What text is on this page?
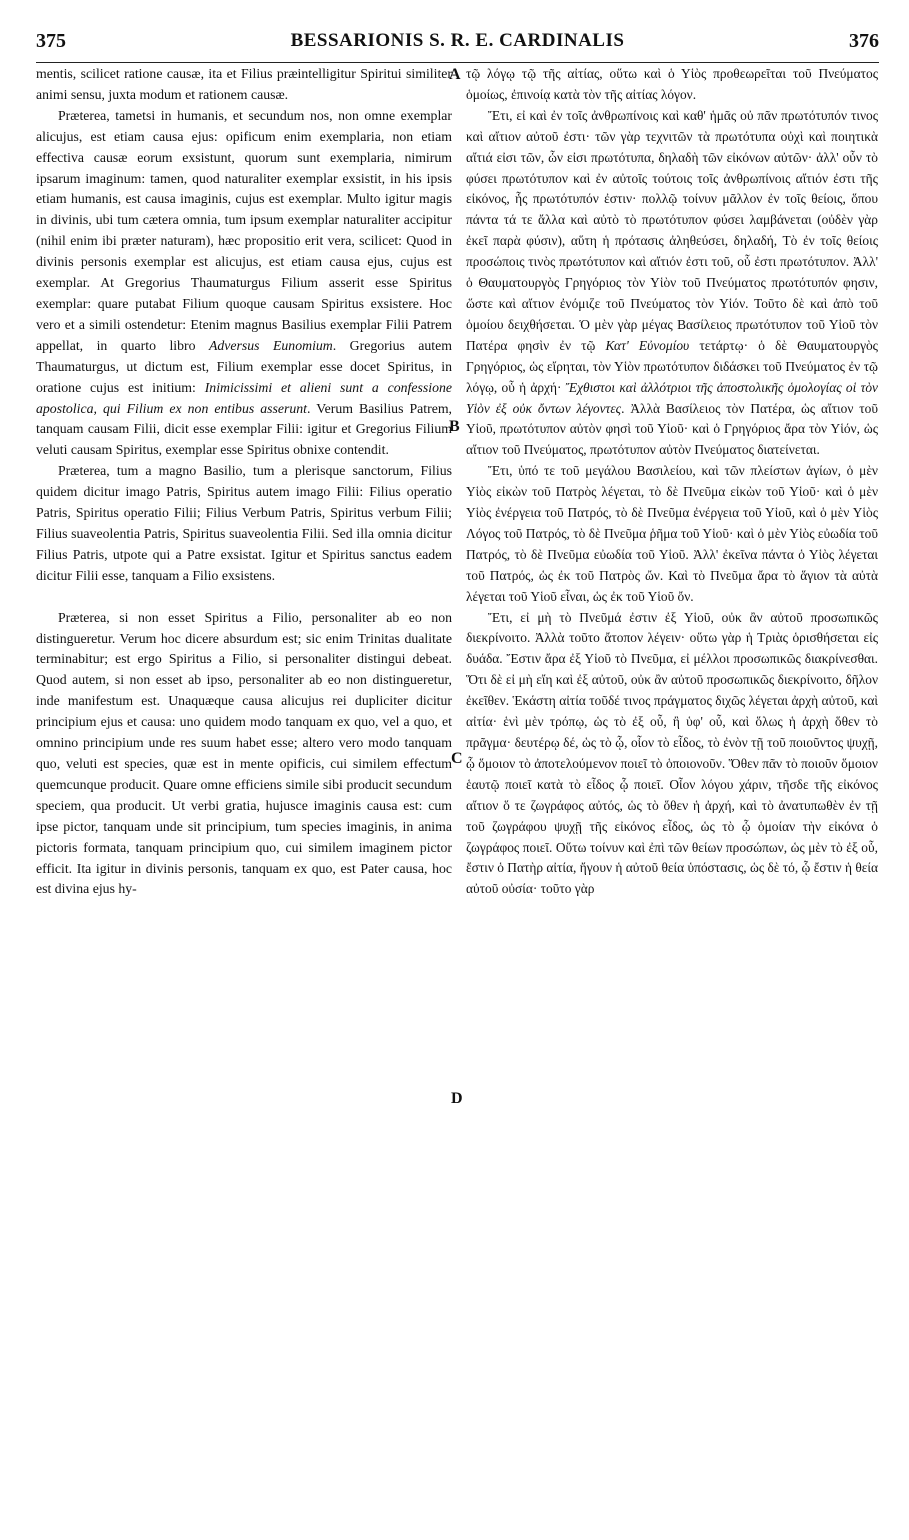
375	BESSARIONIS S. R. E. CARDINALIS	376

mentis, scilicet ratione causæ, ita et Filius præintelligitur Spiritui similiter animi sensu, juxta modum et rationem causæ.

Præterea, tametsi in humanis, et secundum nos, non omne exemplar alicujus, est etiam causa ejus: opificum enim exemplaria, non etiam effectiva causæ eorum exsistunt, quorum sunt exemplaria, nimirum ipsarum imaginum: tamen, quod naturaliter exemplar exsistit, in his ipsis etiam humanis, est causa imaginis, cujus est exemplar. Multo igitur magis in divinis, ubi tum cætera omnia, tum ipsum exemplar naturaliter accipitur (nihil enim ibi præter naturam), hæc propositio erit vera, scilicet: Quod in divinis personis exemplar est alicujus, est etiam causa ejus, cujus est exemplar. At Gregorius Thaumaturgus Filium asserit esse Spiritus exemplar: quare putabat Filium quoque causam Spiritus exsistere. Hoc vero et a simili ostendetur: Etenim magnus Basilius exemplar Filii Patrem appellat, in quarto libro Adversus Eunomium. Gregorius autem Thaumaturgus, ut dictum est, Filium exemplar esse docet Spiritus, in oratione cujus est initium: Inimicissimi et alieni sunt a confessione apostolica, qui Filium ex non entibus asserunt. Verum Basilius Patrem, tanquam causam Filii, dicit esse exemplar Filii: igitur et Gregorius Filium veluti causam Spiritus, exemplar esse Spiritus obnixe contendit.

Præterea, tum a magno Basilio, tum a plerisque sanctorum, Filius quidem dicitur imago Patris, Spiritus autem imago Filii: Filius operatio Patris, Spiritus operatio Filii; Filius Verbum Patris, Spiritus verbum Filii; Filius suaveolentia Patris, Spiritus suaveolentia Filii. Sed illa omnia dicitur Filius Patris, utpote qui a Patre exsistat. Igitur et Spiritus sanctus eadem dicitur Filii esse, tanquam a Filio exsistens.

Præterea, si non esset Spiritus a Filio, personaliter ab eo non distingueretur. Verum hoc dicere absurdum est; sic enim Trinitas dualitate terminabitur; est ergo Spiritus a Filio, si personaliter distingui debeat. Quod autem, si non esset ab ipso, personaliter ab eo non distingueretur, inde manifestum est. Unaquæque causa alicujus rei dupliciter dicitur principium ejus et causa: uno quidem modo tanquam ex quo, vel a quo, et omnino principium unde res suum habet esse; altero vero modo tanquam quo, veluti est species, quæ est in mente opificis, cui similem effectum quemcunque producit. Quare omne efficiens simile sibi producit secundum speciem, qua producit. Ut verbi gratia, hujusce imaginis causa est: cum ipse pictor, tanquam unde sit principium, tum species imaginis, in anima pictoris formata, tanquam principium quo, cui similem imaginem pictor efficit. Ita igitur in divinis personis, tanquam ex quo, est Pater causa, hoc est divina ejus hy-

A
B
C
D

τῷ λόγῳ τῷ τῆς αἰτίας, οὕτω καὶ ὁ Υἱὸς προθεωρεῖται τοῦ Πνεύματος ὁμοίως, ἐπινοίᾳ κατὰ τὸν τῆς αἰτίας λόγον.

Ἔτι, εἰ καὶ ἐν τοῖς ἀνθρωπίνοις καὶ καθ' ἡμᾶς οὐ πᾶν πρωτότυπόν τινος καὶ αἴτιον αὐτοῦ ἐστι· τῶν γὰρ τεχνιτῶν τὰ πρωτότυπα οὐχὶ καὶ ποιητικὰ αἴτιά εἰσι τῶν, ὧν εἰσι πρωτότυπα, δηλαδὴ τῶν εἰκόνων αὐτῶν· ἀλλ' οὖν τὸ φύσει πρωτότυπον καὶ ἐν αὐτοῖς τούτοις τοῖς ἀνθρωπίνοις αἴτιόν ἐστι τῆς εἰκόνος, ἧς πρωτότυπόν ἐστιν· πολλῷ τοίνυν μᾶλλον ἐν τοῖς θείοις, ὅπου πάντα τά τε ἄλλα καὶ αὐτὸ τὸ πρωτότυπον φύσει λαμβάνεται (οὐδὲν γὰρ ἐκεῖ παρὰ φύσιν), αὕτη ἡ πρότασις ἀληθεύσει, δηλαδή, Τὸ ἐν τοῖς θείοις προσώποις τινὸς πρωτότυπον καὶ αἴτιόν ἐστι τοῦ, οὗ ἐστι πρωτότυπον. Ἀλλ' ὁ Θαυματουργὸς Γρηγόριος τὸν Υἱὸν τοῦ Πνεύματος πρωτότυπόν φησιν, ὥστε καὶ αἴτιον ἐνόμιζε τοῦ Πνεύματος τὸν Υἱόν. Τοῦτο δὲ καὶ ἀπὸ τοῦ ὁμοίου δειχθήσεται. Ὁ μὲν γὰρ μέγας Βασίλειος πρωτότυπον τοῦ Υἱοῦ τὸν Πατέρα φησὶν ἐν τῷ Κατ' Εὐνομίου τετάρτῳ· ὁ δὲ Θαυματουργὸς Γρηγόριος, ὡς εἴρηται, τὸν Υἱὸν πρωτότυπον διδάσκει τοῦ Πνεύματος ἐν τῷ λόγῳ, οὗ ἡ ἀρχή· Ἔχθιστοι καὶ ἀλλότριοι τῆς ἀποστολικῆς ὁμολογίας οἱ τὸν Υἱὸν ἐξ οὐκ ὄντων λέγοντες. Ἀλλὰ Βασίλειος τὸν Πατέρα, ὡς αἴτιον τοῦ Υἱοῦ, πρωτότυπον αὐτὸν φησὶ τοῦ Υἱοῦ· καὶ ὁ Γρηγόριος ἄρα τὸν Υἱόν, ὡς αἴτιον τοῦ Πνεύματος, πρωτότυπον αὐτὸν Πνεύματος διατείνεται.

Ἔτι, ὑπό τε τοῦ μεγάλου Βασιλείου, καὶ τῶν πλείστων ἁγίων, ὁ μὲν Υἱὸς εἰκὼν τοῦ Πατρὸς λέγεται, τὸ δὲ Πνεῦμα εἰκὼν τοῦ Υἱοῦ· καὶ ὁ μὲν Υἱὸς ἐνέργεια τοῦ Πατρός, τὸ δὲ Πνεῦμα ἐνέργεια τοῦ Υἱοῦ, καὶ ὁ μὲν Υἱὸς Λόγος τοῦ Πατρός, τὸ δὲ Πνεῦμα ῥῆμα τοῦ Υἱοῦ· καὶ ὁ μὲν Υἱὸς εὐωδία τοῦ Πατρός, τὸ δὲ Πνεῦμα εὐωδία τοῦ Υἱοῦ. Ἀλλ' ἐκεῖνα πάντα ὁ Υἱὸς λέγεται τοῦ Πατρός, ὡς ἐκ τοῦ Πατρὸς ὤν. Καὶ τὸ Πνεῦμα ἄρα τὸ ἅγιον τὰ αὐτὰ λέγεται τοῦ Υἱοῦ εἶναι, ὡς ἐκ τοῦ Υἱοῦ ὄν.

Ἔτι, εἰ μὴ τὸ Πνεῦμά ἐστιν ἐξ Υἱοῦ, οὐκ ἂν αὐτοῦ προσωπικῶς διεκρίνοιτο. Ἀλλὰ τοῦτο ἄτοπον λέγειν· οὕτω γὰρ ἡ Τριὰς ὁρισθήσεται εἰς δυάδα. Ἔστιν ἄρα ἐξ Υἱοῦ τὸ Πνεῦμα, εἰ μέλλοι προσωπικῶς διακρίνεσθαι. Ὅτι δὲ εἰ μὴ εἴη καὶ ἐξ αὐτοῦ, οὐκ ἂν αὐτοῦ προσωπικῶς διεκρίνοιτο, δῆλον ἐκεῖθεν. Ἑκάστη αἰτία τοῦδέ τινος πράγματος διχῶς λέγεται ἀρχὴ αὐτοῦ, καὶ αἰτία· ἑνὶ μὲν τρόπῳ, ὡς τὸ ἐξ οὗ, ἢ ὑφ' οὗ, καὶ ὅλως ἡ ἀρχὴ ὅθεν τὸ πρᾶγμα· δευτέρῳ δέ, ὡς τὸ ᾧ, οἷον τὸ εἶδος, τὸ ἐνὸν τῇ τοῦ ποιοῦντος ψυχῇ, ᾧ ὅμοιον τὸ ἀποτελούμενον ποιεῖ τὸ ὁποιονοῦν. Ὅθεν πᾶν τὸ ποιοῦν ὅμοιον ἑαυτῷ ποιεῖ κατὰ τὸ εἶδος ᾧ ποιεῖ. Οἷον λόγου χάριν, τῆσδε τῆς εἰκόνος αἴτιον ὅ τε ζωγράφος αὐτός, ὡς τὸ ὅθεν ἡ ἀρχή, καὶ τὸ ἀνατυπωθὲν ἐν τῇ τοῦ ζωγράφου ψυχῇ τῆς εἰκόνος εἶδος, ὡς τὸ ᾧ ὁμοίαν τὴν εἰκόνα ὁ ζωγράφος ποιεῖ. Οὕτω τοίνυν καὶ ἐπὶ τῶν θείων προσώπων, ὡς μὲν τὸ ἐξ οὗ, ἔστιν ὁ Πατὴρ αἰτία, ἤγουν ἡ αὐτοῦ θεία ὑπόστασις, ὡς δὲ τό, ᾧ ἔστιν ἡ θεία αὐτοῦ οὐσία· τοῦτο γὰρ
